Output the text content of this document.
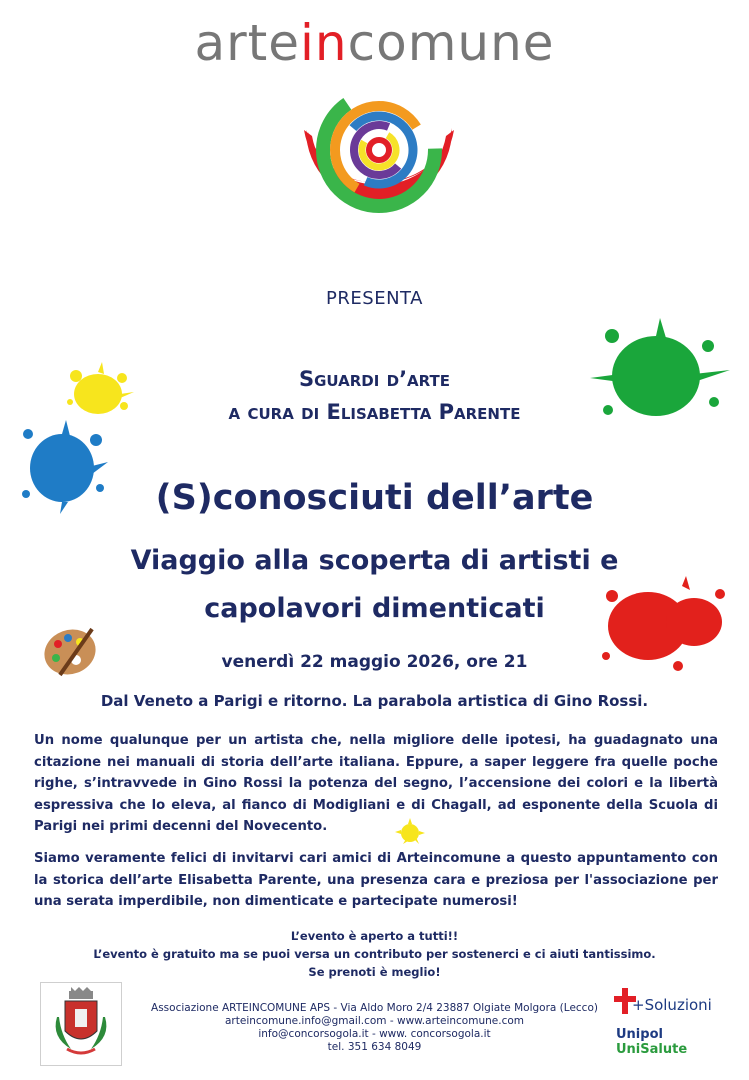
arteincomune
PRESENTA
Sguardi d’arte
a cura di Elisabetta Parente
(S)conosciuti dell’arte
Viaggio alla scoperta di artisti e
capolavori dimenticati
venerdì 22 maggio 2026, ore 21
Dal Veneto a Parigi e ritorno. La parabola artistica di Gino Rossi.
Un nome qualunque per un artista che, nella migliore delle ipotesi, ha guadagnato una citazione nei manuali di storia dell’arte italiana. Eppure, a saper leggere fra quelle poche righe, s’intravvede in Gino Rossi la potenza del segno, l’accensione dei colori e la libertà espressiva che lo eleva, al fianco di Modigliani e di Chagall, ad esponente della Scuola di Parigi nei primi decenni del Novecento.
Siamo veramente felici di invitarvi cari amici di Arteincomune a questo appuntamento con la storica dell’arte Elisabetta Parente, una presenza cara e preziosa per l'associazione per una serata imperdibile, non dimenticate e partecipate numerosi!
L’evento è aperto a tutti!!
L’evento è gratuito ma se puoi versa un contributo per sostenerci e ci aiuti tantissimo.
Se prenoti è meglio!
Associazione ARTEINCOMUNE APS - Via Aldo Moro 2/4 23887 Olgiate Molgora (Lecco)
arteincomune.info@gmail.com - www.arteincomune.com
info@concorsogola.it - www. concorsogola.it
tel. 351 634 8049
+Soluzioni
Unipol UniSalute
